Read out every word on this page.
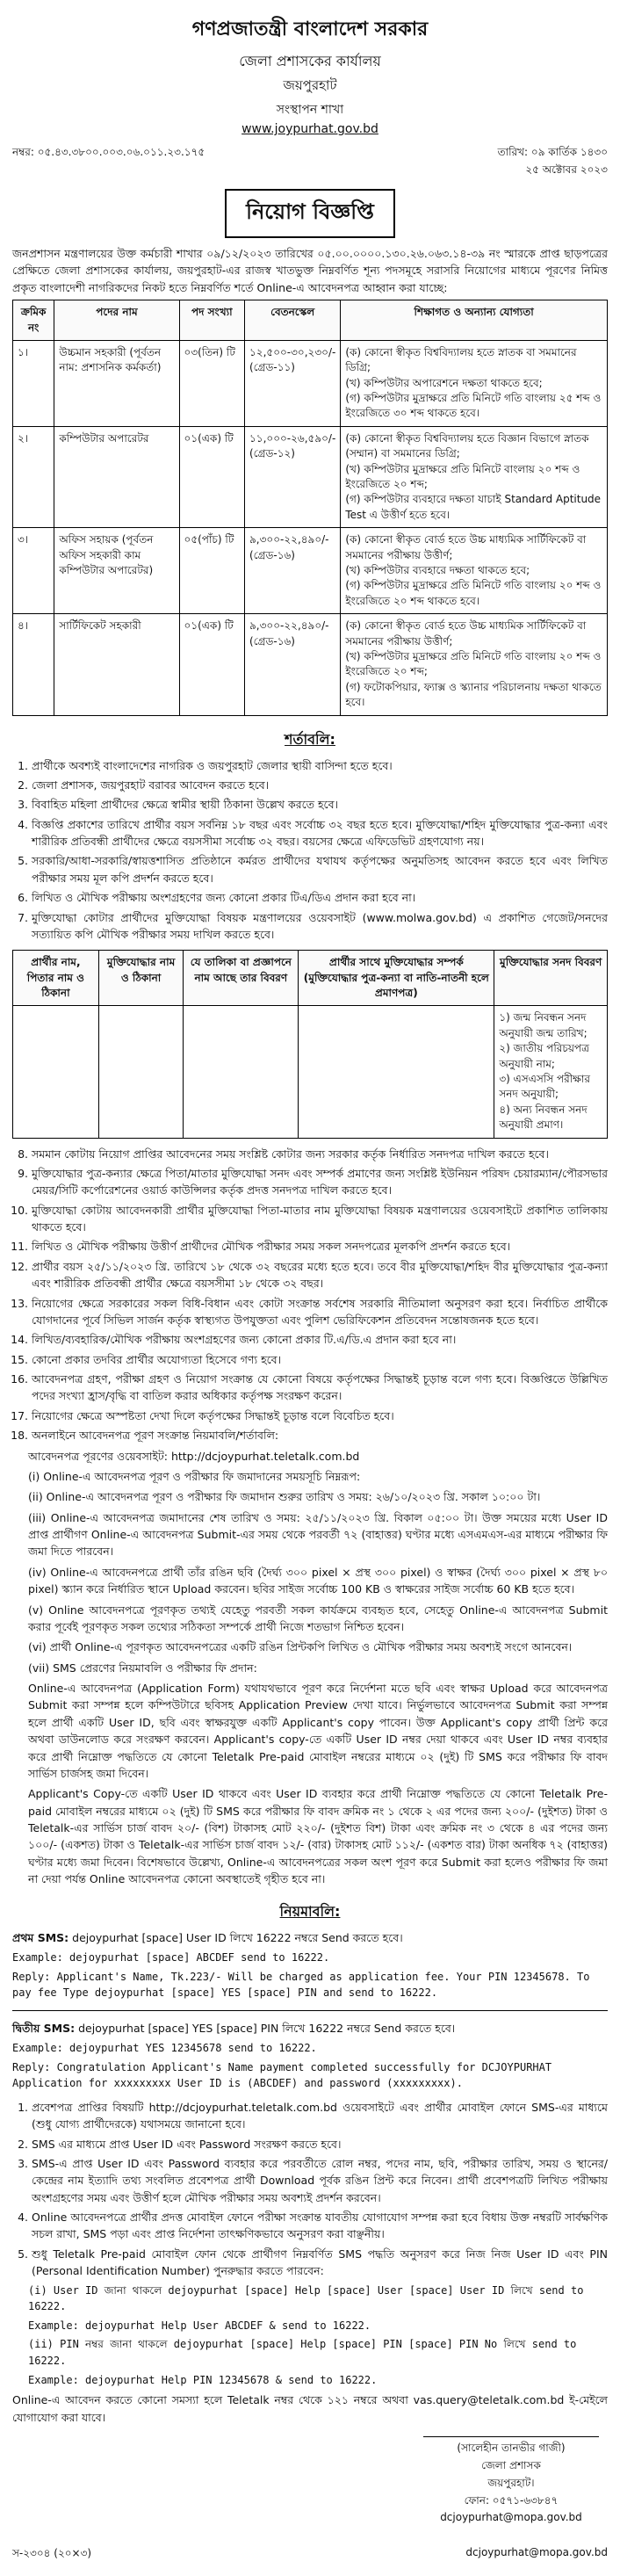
গণপ্রজাতন্ত্রী বাংলাদেশ সরকার
জেলা প্রশাসকের কার্যালয়
জয়পুরহাট
সংস্থাপন শাখা
www.joypurhat.gov.bd
নম্বর: ০৫.৪৩.৩৮০০.০০৩.০৬.০১১.২৩.১৭৫	তারিখ: ০৯ কার্তিক ১৪৩০
২৫ অক্টোবর ২০২৩
নিয়োগ বিজ্ঞপ্তি

জনপ্রশাসন মন্ত্রণালয়ের উক্ত কর্মচারী শাখার ০৯/১২/২০২৩ তারিখের ০৫.০০.০০০০.১৩০.২৬.০৬৩.১৪-৩৯ নং স্মারকে প্রাপ্ত ছাড়পত্রের প্রেক্ষিতে জেলা প্রশাসকের কার্যালয়, জয়পুরহাট-এর রাজস্ব খাতভুক্ত নিম্নবর্ণিত শূন্য পদসমূহে সরাসরি নিয়োগের মাধ্যমে পূরণের নিমিত্ত প্রকৃত বাংলাদেশী নাগরিকদের নিকট হতে নিম্নবর্ণিত শর্তে Online-এ আবেদনপত্র আহ্বান করা যাচ্ছে:

ক্রমিক নং	পদের নাম	পদ সংখ্যা	বেতনস্কেল	শিক্ষাগত ও অন্যান্য যোগ্যতা
১।	উচ্চমান সহকারী (পূর্বতন নাম: প্রশাসনিক কর্মকর্তা)	০৩(তিন) টি	১২,৫০০-৩০,২৩০/- (গ্রেড-১১)	(ক) কোনো স্বীকৃত বিশ্ববিদ্যালয় হতে স্নাতক বা সমমানের ডিগ্রি;
(খ) কম্পিউটার অপারেশনে দক্ষতা থাকতে হবে;
(গ) কম্পিউটার মুদ্রাক্ষরে প্রতি মিনিটে গতি বাংলায় ২৫ শব্দ ও ইংরেজিতে ৩০ শব্দ থাকতে হবে।

২।	কম্পিউটার অপারেটর	০১(এক) টি	১১,০০০-২৬,৫৯০/- (গ্রেড-১২)	(ক) কোনো স্বীকৃত বিশ্ববিদ্যালয় হতে বিজ্ঞান বিভাগে স্নাতক (সম্মান) বা সমমানের ডিগ্রি;
(খ) কম্পিউটার মুদ্রাক্ষরে প্রতি মিনিটে বাংলায় ২০ শব্দ ও ইংরেজিতে ২০ শব্দ;
(গ) কম্পিউটার ব্যবহারে দক্ষতা যাচাই Standard Aptitude Test এ উত্তীর্ণ হতে হবে।

৩।	অফিস সহায়ক (পূর্বতন অফিস সহকারী কাম কম্পিউটার অপারেটর)	০৫(পাঁচ) টি	৯,৩০০-২২,৪৯০/- (গ্রেড-১৬)	(ক) কোনো স্বীকৃত বোর্ড হতে উচ্চ মাধ্যমিক সার্টিফিকেট বা সমমানের পরীক্ষায় উত্তীর্ণ;
(খ) কম্পিউটার ব্যবহারে দক্ষতা থাকতে হবে;
(গ) কম্পিউটার মুদ্রাক্ষরে প্রতি মিনিটে গতি বাংলায় ২০ শব্দ ও ইংরেজিতে ২০ শব্দ থাকতে হবে।

৪।	সার্টিফিকেট সহকারী	০১(এক) টি	৯,৩০০-২২,৪৯০/- (গ্রেড-১৬)	(ক) কোনো স্বীকৃত বোর্ড হতে উচ্চ মাধ্যমিক সার্টিফিকেট বা সমমানের পরীক্ষায় উত্তীর্ণ;
(খ) কম্পিউটার মুদ্রাক্ষরে প্রতি মিনিটে গতি বাংলায় ২০ শব্দ ও ইংরেজিতে ২০ শব্দ;
(গ) ফটোকপিয়ার, ফ্যাক্স ও স্ক্যানার পরিচালনায় দক্ষতা থাকতে হবে।
শর্তাবলি:
1. প্রার্থীকে অবশ্যই বাংলাদেশের নাগরিক ও জয়পুরহাট জেলার স্থায়ী বাসিন্দা হতে হবে।
2. জেলা প্রশাসক, জয়পুরহাট বরাবর আবেদন করতে হবে।
3. বিবাহিত মহিলা প্রার্থীদের ক্ষেত্রে স্বামীর স্থায়ী ঠিকানা উল্লেখ করতে হবে।
4. বিজ্ঞপ্তি প্রকাশের তারিখে প্রার্থীর বয়স সর্বনিম্ন ১৮ বছর এবং সর্বোচ্চ ৩২ বছর হতে হবে। মুক্তিযোদ্ধা/শহিদ মুক্তিযোদ্ধার পুত্র-কন্যা এবং শারীরিক প্রতিবন্ধী প্রার্থীদের ক্ষেত্রে বয়সসীমা সর্বোচ্চ ৩২ বছর। বয়সের ক্ষেত্রে এফিডেভিট গ্রহণযোগ্য নয়।
5. সরকারি/আধা-সরকারি/স্বায়ত্তশাসিত প্রতিষ্ঠানে কর্মরত প্রার্থীদের যথাযথ কর্তৃপক্ষের অনুমতিসহ আবেদন করতে হবে এবং লিখিত পরীক্ষার সময় মূল কপি প্রদর্শন করতে হবে।
6. লিখিত ও মৌখিক পরীক্ষায় অংশগ্রহণের জন্য কোনো প্রকার টিএ/ডিএ প্রদান করা হবে না।
7. মুক্তিযোদ্ধা কোটার প্রার্থীদের মুক্তিযোদ্ধা বিষয়ক মন্ত্রণালয়ের ওয়েবসাইট (www.molwa.gov.bd) এ প্রকাশিত গেজেট/সনদের সত্যায়িত কপি মৌখিক পরীক্ষার সময় দাখিল করতে হবে।
প্রার্থীর নাম, পিতার নাম ও ঠিকানা	মুক্তিযোদ্ধার নাম ও ঠিকানা	যে তালিকা বা প্রজ্ঞাপনে নাম আছে তার বিবরণ	প্রার্থীর সাথে মুক্তিযোদ্ধার সম্পর্ক (মুক্তিযোদ্ধার পুত্র-কন্যা বা নাতি-নাতনী হলে প্রমাণপত্র)	মুক্তিযোদ্ধার সনদ বিবরণ

				১) জন্ম নিবন্ধন সনদ অনুযায়ী জন্ম তারিখ;
২) জাতীয় পরিচয়পত্র অনুযায়ী নাম;
৩) এসএসসি পরীক্ষার সনদ অনুযায়ী;
৪) অন্য নিবন্ধন সনদ অনুযায়ী প্রমাণ।
8. সমমান কোটায় নিয়োগ প্রাপ্তির আবেদনের সময় সংশ্লিষ্ট কোটার জন্য সরকার কর্তৃক নির্ধারিত সনদপত্র দাখিল করতে হবে।
9. মুক্তিযোদ্ধার পুত্র-কন্যার ক্ষেত্রে পিতা/মাতার মুক্তিযোদ্ধা সনদ এবং সম্পর্ক প্রমাণের জন্য সংশ্লিষ্ট ইউনিয়ন পরিষদ চেয়ারম্যান/পৌরসভার মেয়র/সিটি কর্পোরেশনের ওয়ার্ড কাউন্সিলর কর্তৃক প্রদত্ত সনদপত্র দাখিল করতে হবে।
10. মুক্তিযোদ্ধা কোটায় আবেদনকারী প্রার্থীর মুক্তিযোদ্ধা পিতা-মাতার নাম মুক্তিযোদ্ধা বিষয়ক মন্ত্রণালয়ের ওয়েবসাইটে প্রকাশিত তালিকায় থাকতে হবে।
11. লিখিত ও মৌখিক পরীক্ষায় উত্তীর্ণ প্রার্থীদের মৌখিক পরীক্ষার সময় সকল সনদপত্রের মূলকপি প্রদর্শন করতে হবে।
12. প্রার্থীর বয়স ২৫/১১/২০২৩ খ্রি. তারিখে ১৮ থেকে ৩২ বছরের মধ্যে হতে হবে। তবে বীর মুক্তিযোদ্ধা/শহিদ বীর মুক্তিযোদ্ধার পুত্র-কন্যা এবং শারীরিক প্রতিবন্ধী প্রার্থীর ক্ষেত্রে বয়সসীমা ১৮ থেকে ৩২ বছর।
13. নিয়োগের ক্ষেত্রে সরকারের সকল বিধি-বিধান এবং কোটা সংক্রান্ত সর্বশেষ সরকারি নীতিমালা অনুসরণ করা হবে। নির্বাচিত প্রার্থীকে যোগদানের পূর্বে সিভিল সার্জন কর্তৃক স্বাস্থ্যগত উপযুক্ততা এবং পুলিশ ভেরিফিকেশন প্রতিবেদন সন্তোষজনক হতে হবে।
14. লিখিত/ব্যবহারিক/মৌখিক পরীক্ষায় অংশগ্রহণের জন্য কোনো প্রকার টি.এ/ডি.এ প্রদান করা হবে না।
15. কোনো প্রকার তদবির প্রার্থীর অযোগ্যতা হিসেবে গণ্য হবে।
16. আবেদনপত্র গ্রহণ, পরীক্ষা গ্রহণ ও নিয়োগ সংক্রান্ত যে কোনো বিষয়ে কর্তৃপক্ষের সিদ্ধান্তই চূড়ান্ত বলে গণ্য হবে। বিজ্ঞপ্তিতে উল্লিখিত পদের সংখ্যা হ্রাস/বৃদ্ধি বা বাতিল করার অধিকার কর্তৃপক্ষ সংরক্ষণ করেন।
17. নিয়োগের ক্ষেত্রে অস্পষ্টতা দেখা দিলে কর্তৃপক্ষের সিদ্ধান্তই চূড়ান্ত বলে বিবেচিত হবে।
18. অনলাইনে আবেদনপত্র পূরণ সংক্রান্ত নিয়মাবলি/শর্তাবলি:

আবেদনপত্র পূরণের ওয়েবসাইট: http://dcjoypurhat.teletalk.com.bd

(i) Online-এ আবেদনপত্র পূরণ ও পরীক্ষার ফি জমাদানের সময়সূচি নিম্নরূপ:

(ii) Online-এ আবেদনপত্র পূরণ ও পরীক্ষার ফি জমাদান শুরুর তারিখ ও সময়: ২৬/১০/২০২৩ খ্রি. সকাল ১০:০০ টা।

(iii) Online-এ আবেদনপত্র জমাদানের শেষ তারিখ ও সময়: ২৫/১১/২০২৩ খ্রি. বিকাল ০৫:০০ টা। উক্ত সময়ের মধ্যে User ID প্রাপ্ত প্রার্থীগণ Online-এ আবেদনপত্র Submit-এর সময় থেকে পরবর্তী ৭২ (বাহাত্তর) ঘণ্টার মধ্যে এসএমএস-এর মাধ্যমে পরীক্ষার ফি জমা দিতে পারবেন।

(iv) Online-এ আবেদনপত্রে প্রার্থী তাঁর রঙিন ছবি (দৈর্ঘ্য ৩০০ pixel × প্রস্থ ৩০০ pixel) ও স্বাক্ষর (দৈর্ঘ্য ৩০০ pixel × প্রস্থ ৮০ pixel) স্ক্যান করে নির্ধারিত স্থানে Upload করবেন। ছবির সাইজ সর্বোচ্চ 100 KB ও স্বাক্ষরের সাইজ সর্বোচ্চ 60 KB হতে হবে।

(v) Online আবেদনপত্রে পূরণকৃত তথ্যই যেহেতু পরবর্তী সকল কার্যক্রমে ব্যবহৃত হবে, সেহেতু Online-এ আবেদনপত্র Submit করার পূর্বেই পূরণকৃত সকল তথ্যের সঠিকতা সম্পর্কে প্রার্থী নিজে শতভাগ নিশ্চিত হবেন।

(vi) প্রার্থী Online-এ পূরণকৃত আবেদনপত্রের একটি রঙিন প্রিন্টকপি লিখিত ও মৌখিক পরীক্ষার সময় অবশ্যই সংগে আনবেন।

(vii) SMS প্রেরণের নিয়মাবলি ও পরীক্ষার ফি প্রদান:

Online-এ আবেদনপত্র (Application Form) যথাযথভাবে পূরণ করে নির্দেশনা মতে ছবি এবং স্বাক্ষর Upload করে আবেদনপত্র Submit করা সম্পন্ন হলে কম্পিউটারে ছবিসহ Application Preview দেখা যাবে। নির্ভুলভাবে আবেদনপত্র Submit করা সম্পন্ন হলে প্রার্থী একটি User ID, ছবি এবং স্বাক্ষরযুক্ত একটি Applicant's copy পাবেন। উক্ত Applicant's copy প্রার্থী প্রিন্ট করে অথবা ডাউনলোড করে সংরক্ষণ করবেন। Applicant's copy-তে একটি User ID নম্বর দেয়া থাকবে এবং User ID নম্বর ব্যবহার করে প্রার্থী নিম্নোক্ত পদ্ধতিতে যে কোনো Teletalk Pre-paid মোবাইল নম্বরের মাধ্যমে ০২ (দুই) টি SMS করে পরীক্ষার ফি বাবদ সার্ভিস চার্জসহ জমা দিবেন।

Applicant's Copy-তে একটি User ID থাকবে এবং User ID ব্যবহার করে প্রার্থী নিম্নোক্ত পদ্ধতিতে যে কোনো Teletalk Pre-paid মোবাইল নম্বরের মাধ্যমে ০২ (দুই) টি SMS করে পরীক্ষার ফি বাবদ ক্রমিক নং ১ থেকে ২ এর পদের জন্য ২০০/- (দুইশত) টাকা ও Teletalk-এর সার্ভিস চার্জ বাবদ ২০/- (বিশ) টাকাসহ মোট ২২০/- (দুইশত বিশ) টাকা এবং ক্রমিক নং ৩ থেকে ৪ এর পদের জন্য ১০০/- (একশত) টাকা ও Teletalk-এর সার্ভিস চার্জ বাবদ ১২/- (বার) টাকাসহ মোট ১১২/- (একশত বার) টাকা অনধিক ৭২ (বাহাত্তর) ঘণ্টার মধ্যে জমা দিবেন। বিশেষভাবে উল্লেখ্য, Online-এ আবেদনপত্রের সকল অংশ পূরণ করে Submit করা হলেও পরীক্ষার ফি জমা না দেয়া পর্যন্ত Online আবেদনপত্র কোনো অবস্থাতেই গৃহীত হবে না।

নিয়মাবলি:

প্রথম SMS: dejoypurhat [space] User ID লিখে 16222 নম্বরে Send করতে হবে।

Example: dejoypurhat [space] ABCDEF send to 16222.
Reply: Applicant's Name, Tk.223/- Will be charged as application fee. Your PIN 12345678. To pay fee Type dejoypurhat [space] YES [space] PIN and send to 16222.

দ্বিতীয় SMS: dejoypurhat [space] YES [space] PIN লিখে 16222 নম্বরে Send করতে হবে।

Example: dejoypurhat YES 12345678 send to 16222.
Reply: Congratulation Applicant's Name payment completed successfully for DCJOYPURHAT Application for xxxxxxxxx User ID is (ABCDEF) and password (xxxxxxxxx).
1. প্রবেশপত্র প্রাপ্তির বিষয়টি http://dcjoypurhat.teletalk.com.bd ওয়েবসাইটে এবং প্রার্থীর মোবাইল ফোনে SMS-এর মাধ্যমে (শুধু যোগ্য প্রার্থীদেরকে) যথাসময়ে জানানো হবে।
2. SMS এর মাধ্যমে প্রাপ্ত User ID এবং Password সংরক্ষণ করতে হবে।
3. SMS-এ প্রাপ্ত User ID এবং Password ব্যবহার করে পরবর্তীতে রোল নম্বর, পদের নাম, ছবি, পরীক্ষার তারিখ, সময় ও স্থানের/কেন্দ্রের নাম ইত্যাদি তথ্য সংবলিত প্রবেশপত্র প্রার্থী Download পূর্বক রঙিন প্রিন্ট করে নিবেন। প্রার্থী প্রবেশপত্রটি লিখিত পরীক্ষায় অংশগ্রহণের সময় এবং উত্তীর্ণ হলে মৌখিক পরীক্ষার সময় অবশ্যই প্রদর্শন করবেন।
4. Online আবেদনপত্রে প্রার্থীর প্রদত্ত মোবাইল ফোনে পরীক্ষা সংক্রান্ত যাবতীয় যোগাযোগ সম্পন্ন করা হবে বিধায় উক্ত নম্বরটি সার্বক্ষণিক সচল রাখা, SMS পড়া এবং প্রাপ্ত নির্দেশনা তাৎক্ষণিকভাবে অনুসরণ করা বাঞ্ছনীয়।
5. শুধু Teletalk Pre-paid মোবাইল ফোন থেকে প্রার্থীগণ নিম্নবর্ণিত SMS পদ্ধতি অনুসরণ করে নিজ নিজ User ID এবং PIN (Personal Identification Number) পুনরুদ্ধার করতে পারবেন:
(i) User ID জানা থাকলে dejoypurhat [space] Help [space] User [space] User ID লিখে send to 16222.
Example: dejoypurhat Help User ABCDEF & send to 16222.
(ii) PIN নম্বর জানা থাকলে dejoypurhat [space] Help [space] PIN [space] PIN No লিখে send to 16222.
Example: dejoypurhat Help PIN 12345678 & send to 16222.

Online-এ আবেদন করতে কোনো সমস্যা হলে Teletalk নম্বর থেকে ১২১ নম্বরে অথবা vas.query@teletalk.com.bd ই-মেইলে যোগাযোগ করা যাবে।

(সালেহীন তানভীর গাজী)
জেলা প্রশাসক
জয়পুরহাট।
ফোন: ০৫৭১-৬৩৮৪৭
dcjoypurhat@mopa.gov.bd
স-২৩০৪ (২০×৩)	dcjoypurhat@mopa.gov.bd
